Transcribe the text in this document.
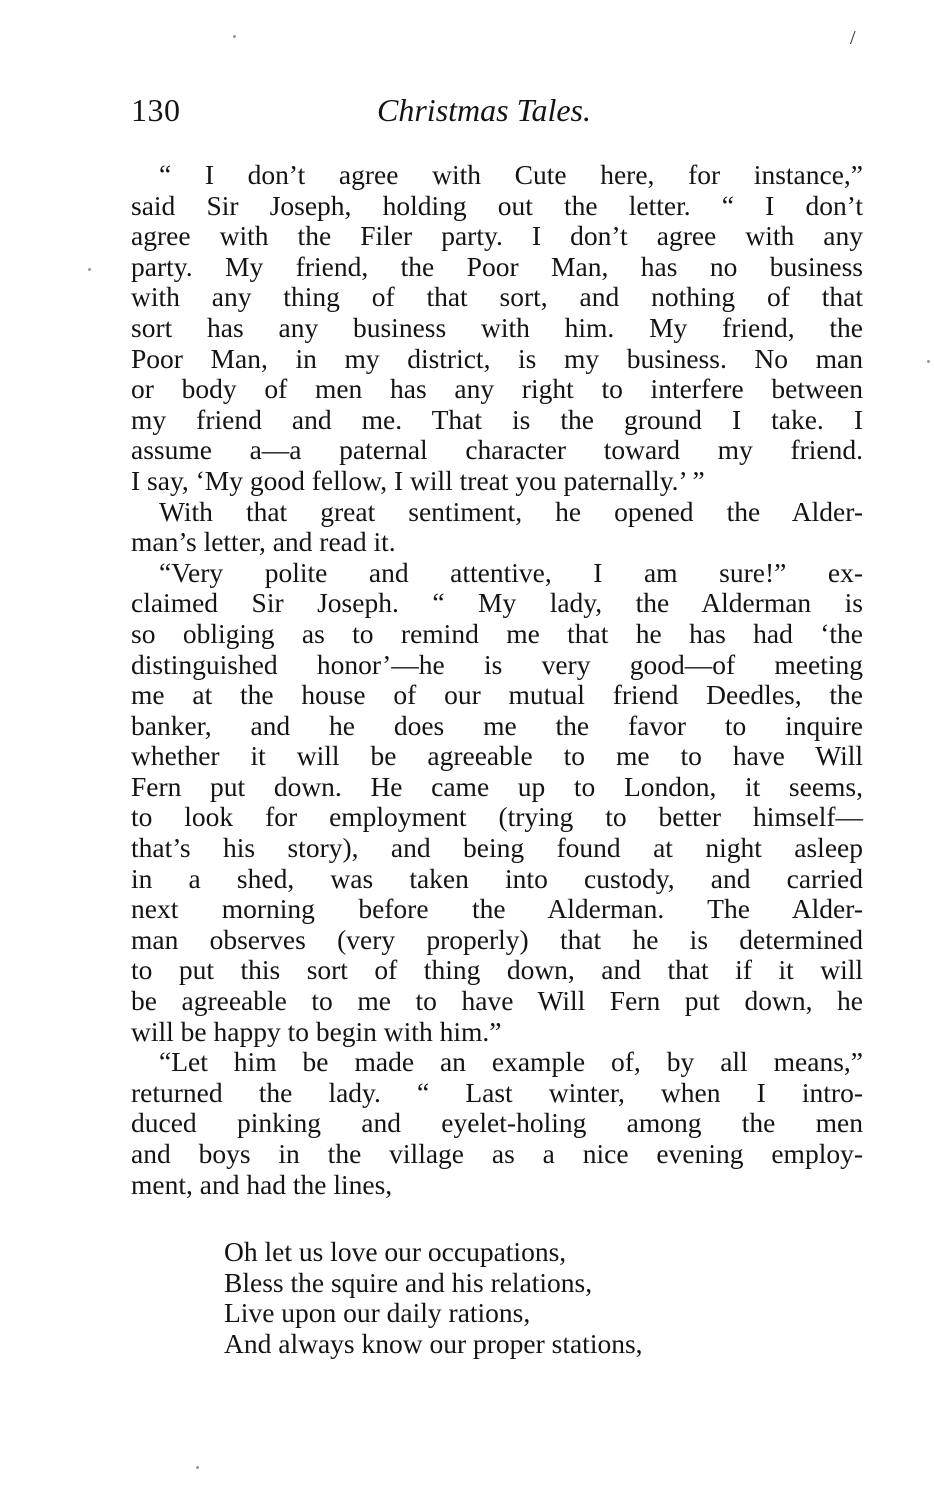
/
130	Christmas Tales.
“ I don’t agree with Cute here, for instance,”
said Sir Joseph, holding out the letter. “ I don’t
agree with the Filer party. I don’t agree with any
party. My friend, the Poor Man, has no business
with any thing of that sort, and nothing of that
sort has any business with him. My friend, the
Poor Man, in my district, is my business. No man
or body of men has any right to interfere between
my friend and me. That is the ground I take. I
assume a—a paternal character toward my friend.
I say, ‘My good fellow, I will treat you paternally.’ ”
With that great sentiment, he opened the Alder-
man’s letter, and read it.
“Very polite and attentive, I am sure!” ex-
claimed Sir Joseph. “ My lady, the Alderman is
so obliging as to remind me that he has had ‘the
distinguished honor’—he is very good—of meeting
me at the house of our mutual friend Deedles, the
banker, and he does me the favor to inquire
whether it will be agreeable to me to have Will
Fern put down. He came up to London, it seems,
to look for employment (trying to better himself—
that’s his story), and being found at night asleep
in a shed, was taken into custody, and carried
next morning before the Alderman. The Alder-
man observes (very properly) that he is determined
to put this sort of thing down, and that if it will
be agreeable to me to have Will Fern put down, he
will be happy to begin with him.”
“Let him be made an example of, by all means,”
returned the lady. “ Last winter, when I intro-
duced pinking and eyelet-holing among the men
and boys in the village as a nice evening employ-
ment, and had the lines,
Oh let us love our occupations,
Bless the squire and his relations,
Live upon our daily rations,
And always know our proper stations,
